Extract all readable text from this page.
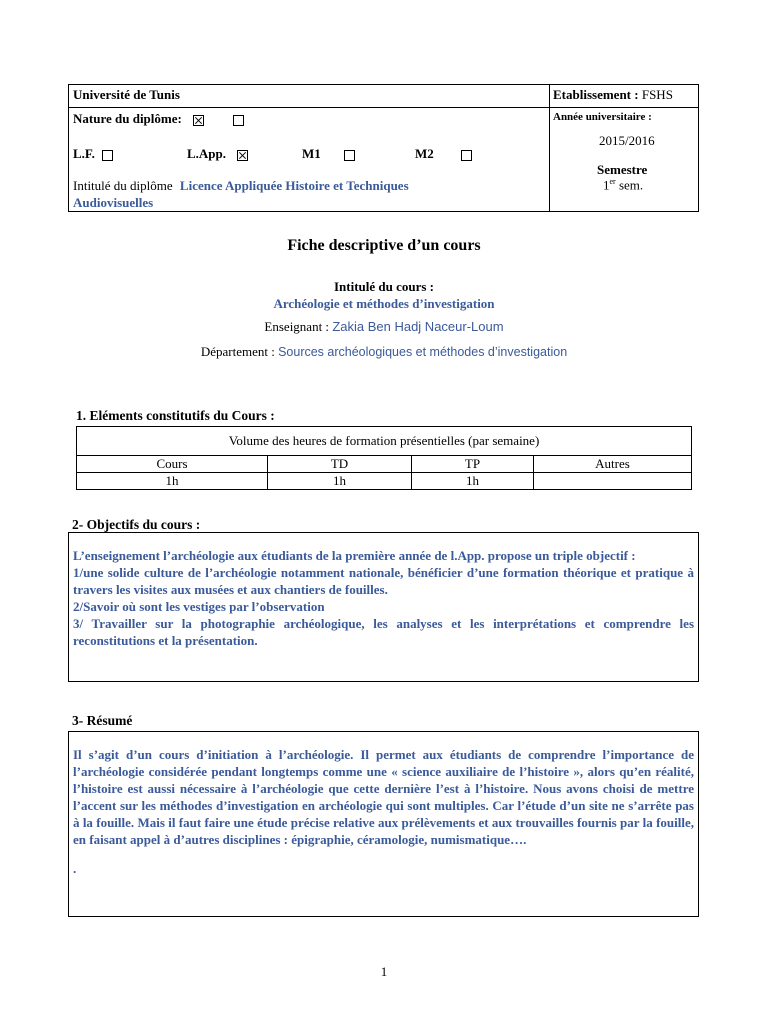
Université de Tunis	Etablissement : FSHS
Nature du diplôme:	Année universitaire :
2015/2016
L.F.	L.App.	M1	M2
Semestre
1er sem.
Intitulé du diplôme Licence Appliquée Histoire et Techniques
Audiovisuelles
Fiche descriptive d’un cours
Intitulé du cours :
Archéologie et méthodes d’investigation
Enseignant : Zakia Ben Hadj Naceur-Loum
Département : Sources archéologiques et méthodes d’investigation
1. Eléments constitutifs du Cours :
Volume des heures de formation présentielles (par semaine)			
Cours	TD	TP	Autres
1h	1h	1h	
2- Objectifs du cours :

L’enseignement l’archéologie aux étudiants de la première année de l.App. propose un triple objectif :

1/une solide culture de l’archéologie notamment nationale, bénéficier d’une formation théorique et pratique à travers les visites aux musées et aux chantiers de fouilles.

2/Savoir où sont les vestiges par l’observation

3/ Travailler sur la photographie archéologique, les analyses et les interprétations et comprendre les reconstitutions et la présentation.

3- Résumé

Il s’agit d’un cours d’initiation à l’archéologie. Il permet aux étudiants de comprendre l’importance de l’archéologie considérée pendant longtemps comme une « science auxiliaire de l’histoire », alors qu’en réalité, l’histoire est aussi nécessaire à l’archéologie que cette dernière l’est à l’histoire. Nous avons choisi de mettre l’accent sur les méthodes d’investigation en archéologie qui sont multiples. Car l’étude d’un site ne s’arrête pas à la fouille. Mais il faut faire une étude précise relative aux prélèvements et aux trouvailles fournis par la fouille, en faisant appel à d’autres disciplines : épigraphie, céramologie, numismatique….

.

1
